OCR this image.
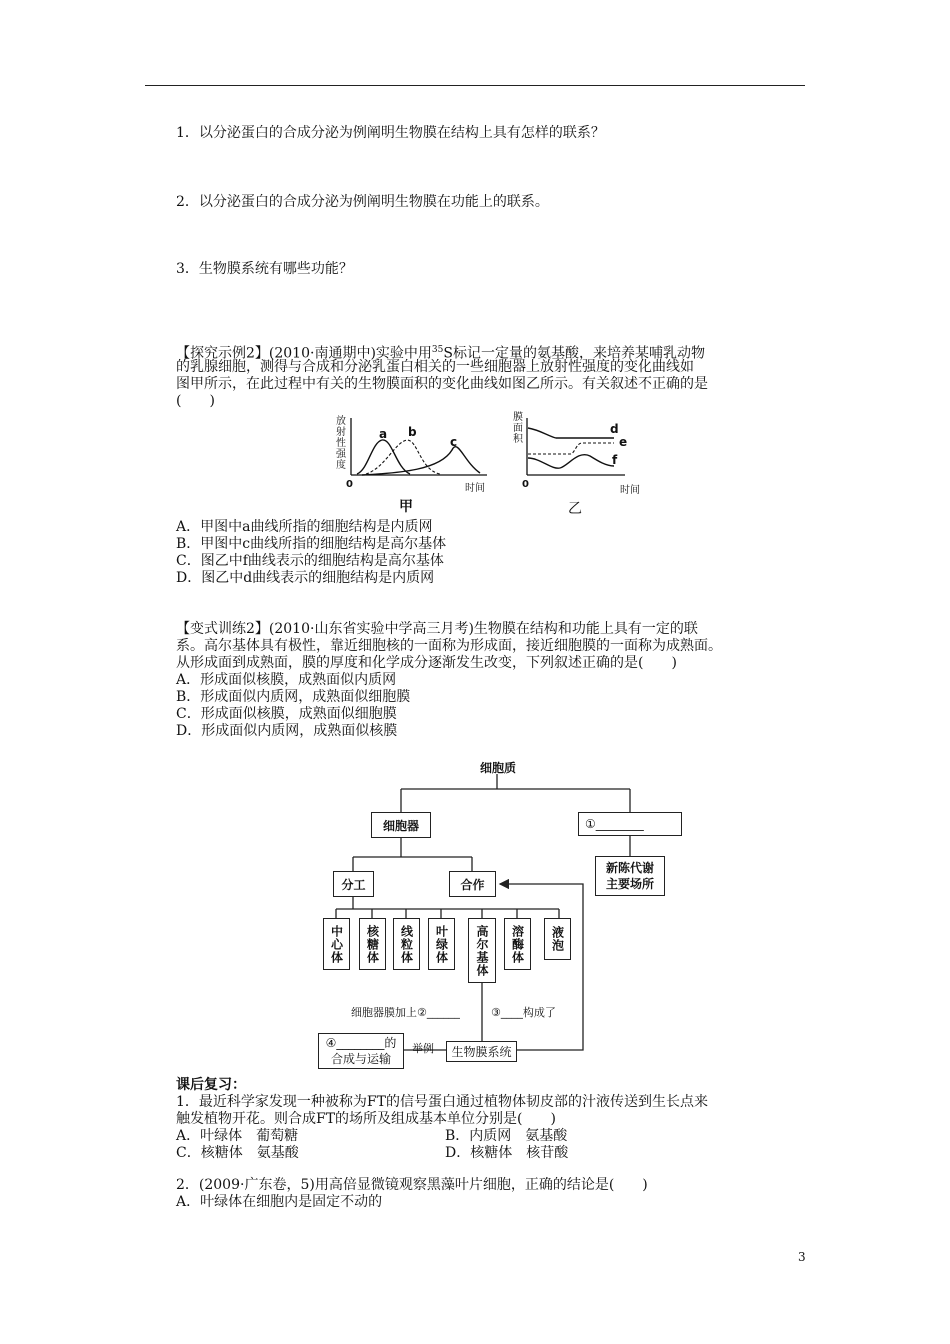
1．以分泌蛋白的合成分泌为例阐明生物膜在结构上具有怎样的联系？
2．以分泌蛋白的合成分泌为例阐明生物膜在功能上的联系。
3．生物膜系统有哪些功能？
【探究示例2】(2010·南通期中)实验中用$^{35}$S标记一定量的氨基酸，来培养某哺乳动物
的乳腺细胞，测得与合成和分泌乳蛋白相关的一些细胞器上放射性强度的变化曲线如
图甲所示，在此过程中有关的生物膜面积的变化曲线如图乙所示。有关叙述不正确的是
(　　)
放
射
性
强
度
0	时间
a b
c
甲
膜
面
积
0
时间
d
e
f
乙
A．甲图中a曲线所指的细胞结构是内质网
B．甲图中c曲线所指的细胞结构是高尔基体
C．图乙中f曲线表示的细胞结构是高尔基体
D．图乙中d曲线表示的细胞结构是内质网
【变式训练2】(2010·山东省实验中学高三月考)生物膜在结构和功能上具有一定的联
系。高尔基体具有极性，靠近细胞核的一面称为形成面，接近细胞膜的一面称为成熟面。
从形成面到成熟面，膜的厚度和化学成分逐渐发生改变，下列叙述正确的是(　　)
A．形成面似核膜，成熟面似内质网
B．形成面似内质网，成熟面似细胞膜
C．形成面似核膜，成熟面似细胞膜
D．形成面似内质网，成熟面似核膜
细胞质
细胞器	①________
新陈代谢
主要场所
分工	合作
中心体 核糖体 线粒体 叶绿体 高尔基体 溶酶体 液泡
细胞器膜加上②______	③____构成了
④________的
合成与运输
举例 生物膜系统
课后复习：
1．最近科学家发现一种被称为FT的信号蛋白通过植物体韧皮部的汁液传送到生长点来
触发植物开花。则合成FT的场所及组成基本单位分别是(　　)
A．叶绿体　葡萄糖	B．内质网　氨基酸
C．核糖体　氨基酸	D．核糖体　核苷酸
2．(2009·广东卷，5)用高倍显微镜观察黑藻叶片细胞，正确的结论是(　　)
A．叶绿体在细胞内是固定不动的
3
